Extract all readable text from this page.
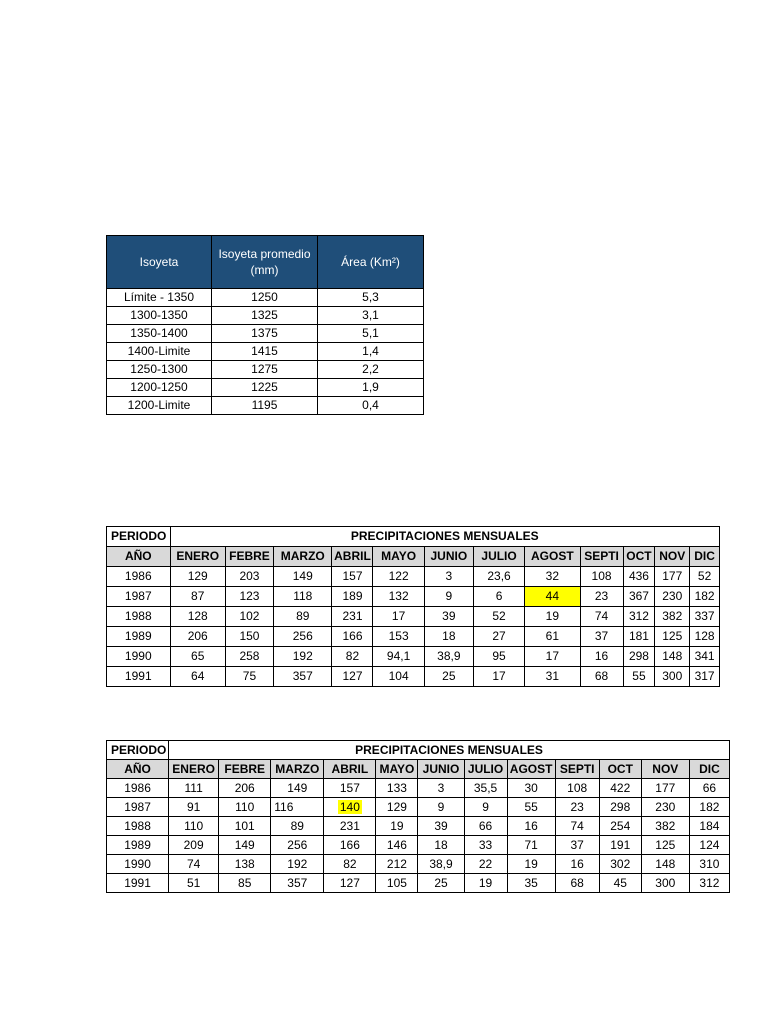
Isoyeta	Isoyeta promedio (mm)	Área (Km²)
Límite - 1350	1250	5,3
1300-1350	1325	3,1
1350-1400	1375	5,1
1400-Limite	1415	1,4
1250-1300	1275	2,2
1200-1250	1225	1,9
1200-Limite	1195	0,4
PERIODO	PRECIPITACIONES MENSUALES											
AÑO	ENERO	FEBRE	MARZO	ABRIL	MAYO	JUNIO	JULIO	AGOST	SEPTI	OCT	NOV	DIC
1986	129	203	149	157	122	3	23,6	32	108	436	177	52
1987	87	123	118	189	132	9	6	44	23	367	230	182
1988	128	102	89	231	17	39	52	19	74	312	382	337
1989	206	150	256	166	153	18	27	61	37	181	125	128
1990	65	258	192	82	94,1	38,9	95	17	16	298	148	341
1991	64	75	357	127	104	25	17	31	68	55	300	317
PERIODO	PRECIPITACIONES MENSUALES											
AÑO	ENERO	FEBRE	MARZO	ABRIL	MAYO	JUNIO	JULIO	AGOST	SEPTI	OCT	NOV	DIC
1986	111	206	149	157	133	3	35,5	30	108	422	177	66
1987	91	110	116	140	129	9	9	55	23	298	230	182
1988	110	101	89	231	19	39	66	16	74	254	382	184
1989	209	149	256	166	146	18	33	71	37	191	125	124
1990	74	138	192	82	212	38,9	22	19	16	302	148	310
1991	51	85	357	127	105	25	19	35	68	45	300	312
